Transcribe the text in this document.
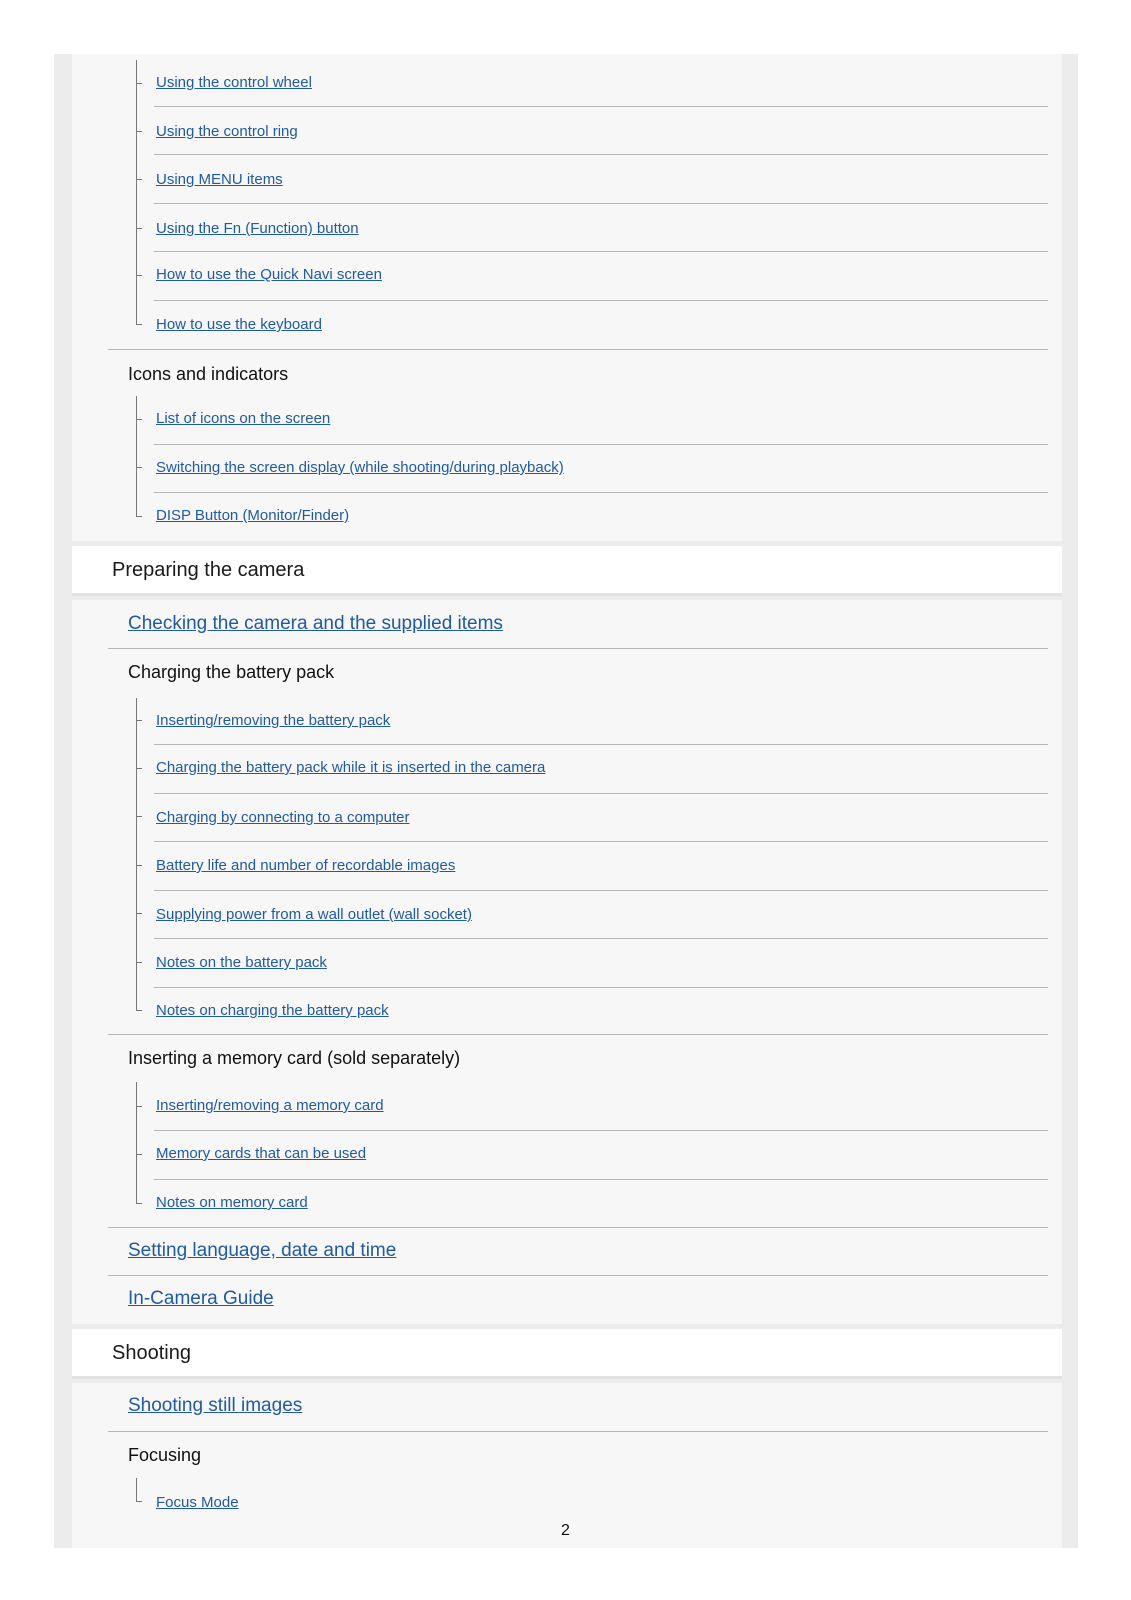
Using the control wheel
Using the control ring
Using MENU items
Using the Fn (Function) button
How to use the Quick Navi screen
How to use the keyboard
Icons and indicators
List of icons on the screen
Switching the screen display (while shooting/during playback)
DISP Button (Monitor/Finder)
Preparing the camera
Checking the camera and the supplied items
Charging the battery pack
Inserting/removing the battery pack
Charging the battery pack while it is inserted in the camera
Charging by connecting to a computer
Battery life and number of recordable images
Supplying power from a wall outlet (wall socket)
Notes on the battery pack
Notes on charging the battery pack
Inserting a memory card (sold separately)
Inserting/removing a memory card
Memory cards that can be used
Notes on memory card
Setting language, date and time
In-Camera Guide
Shooting
Shooting still images
Focusing
Focus Mode
2
